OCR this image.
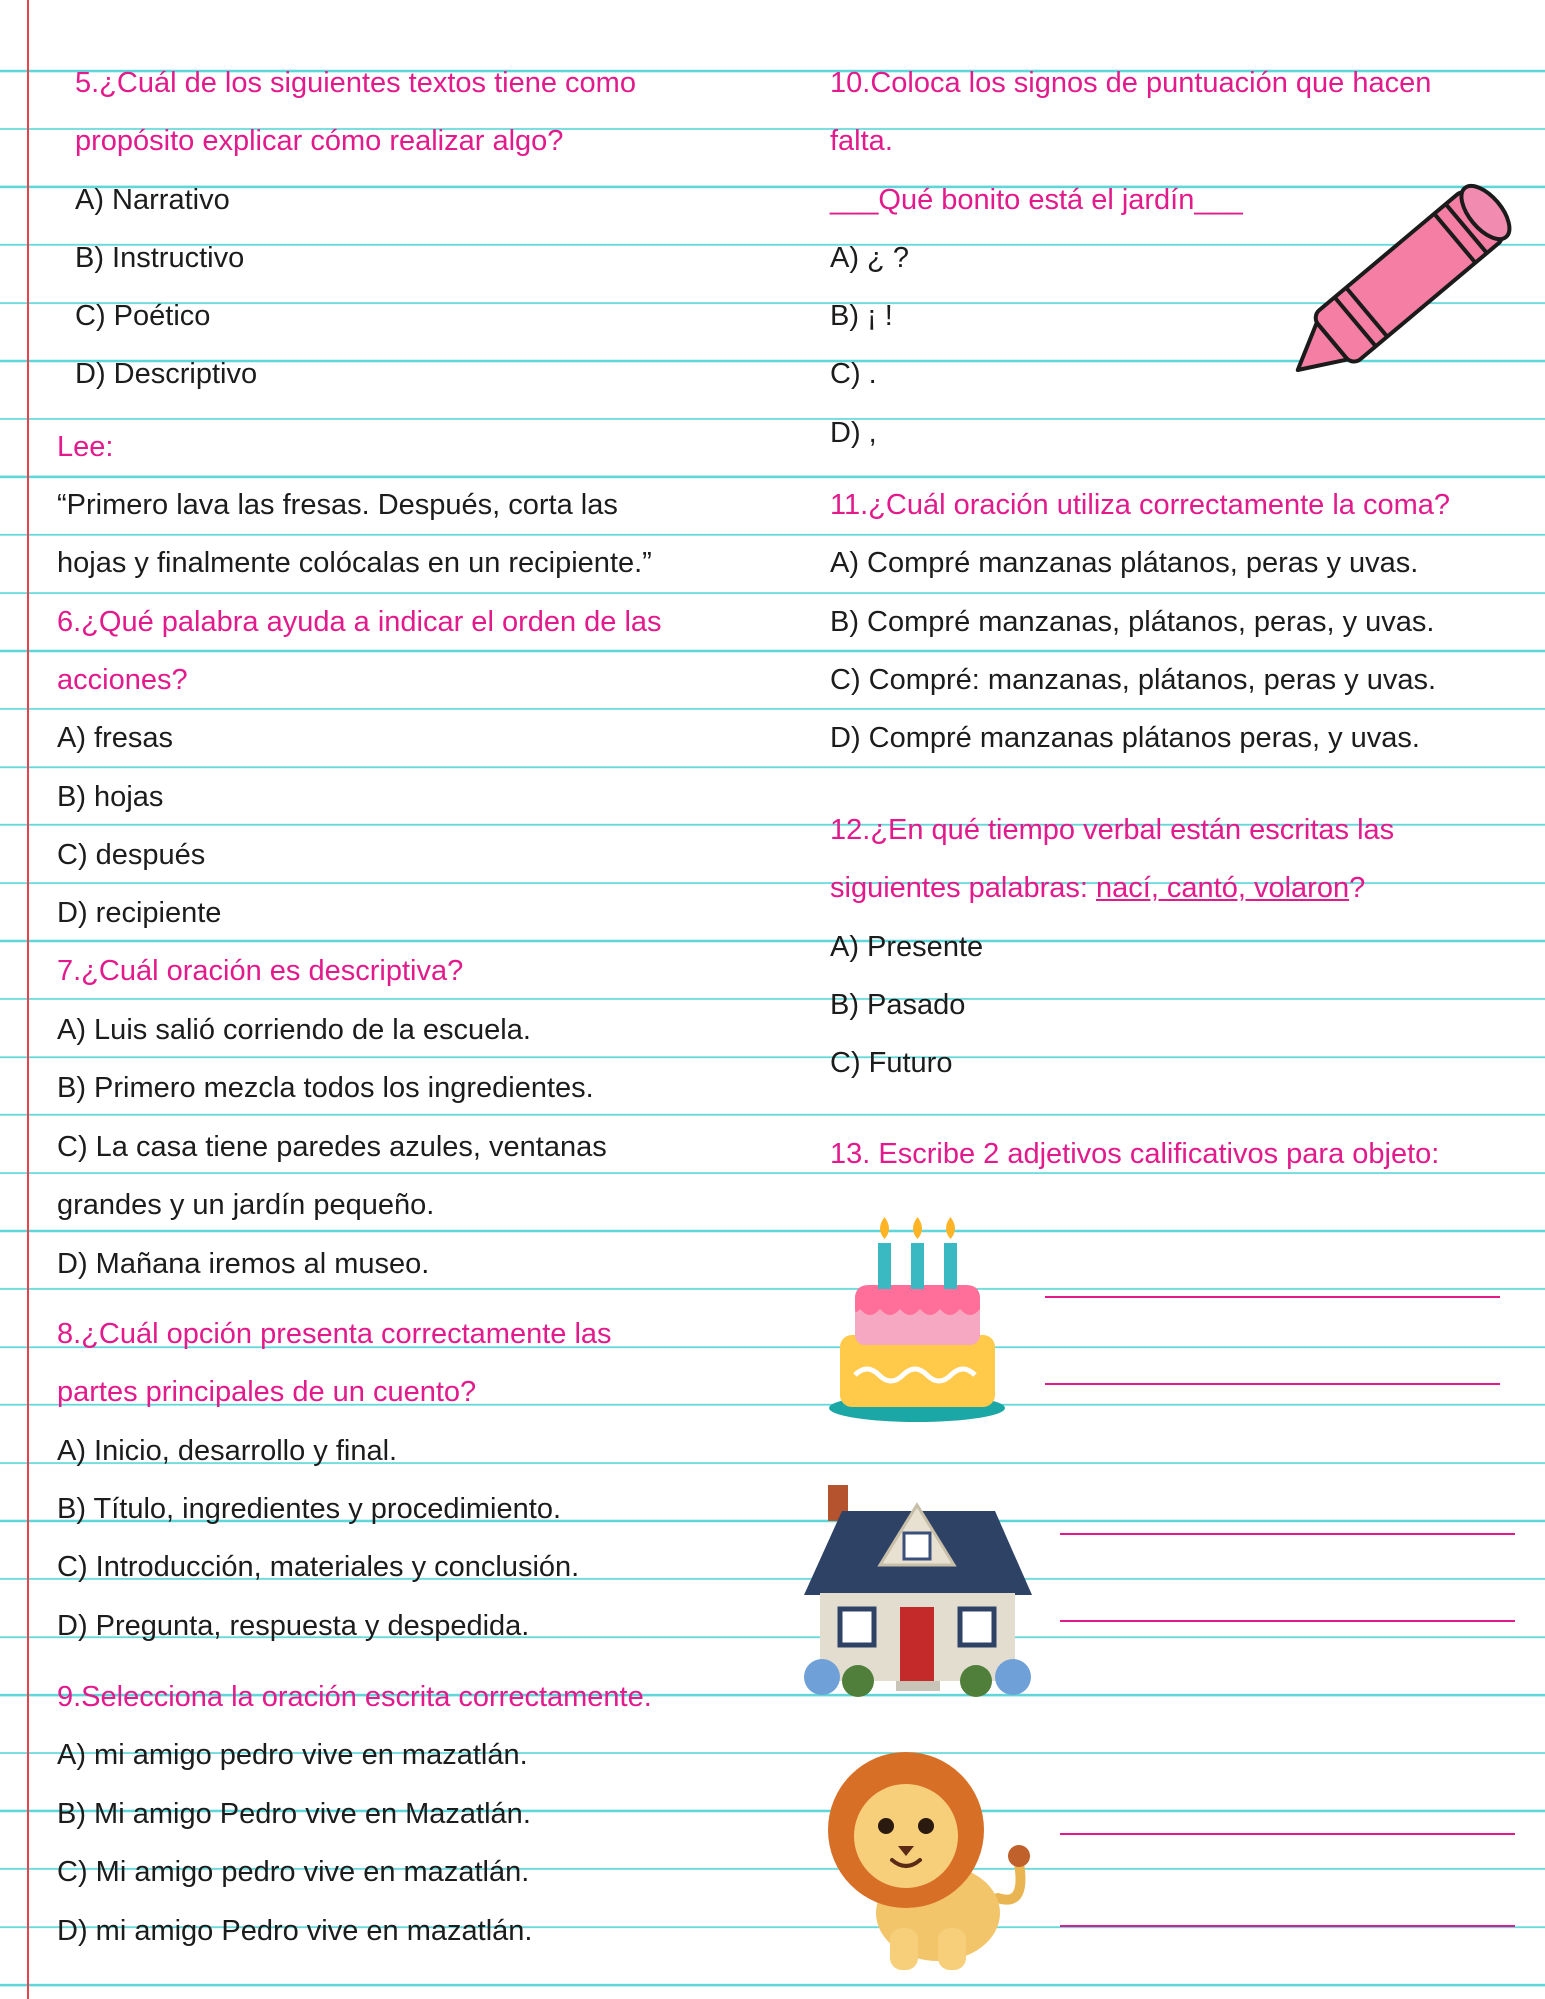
5.¿Cuál de los siguientes textos tiene como

propósito explicar cómo realizar algo?

A) Narrativo

B) Instructivo

C) Poético

D) Descriptivo

Lee:

“Primero lava las fresas. Después, corta las

hojas y finalmente colócalas en un recipiente.”

6.¿Qué palabra ayuda a indicar el orden de las

acciones?

A) fresas

B) hojas

C) después

D) recipiente

7.¿Cuál oración es descriptiva?

A) Luis salió corriendo de la escuela.

B) Primero mezcla todos los ingredientes.

C) La casa tiene paredes azules, ventanas

grandes y un jardín pequeño.

D) Mañana iremos al museo.

8.¿Cuál opción presenta correctamente las

partes principales de un cuento?

A) Inicio, desarrollo y final.

B) Título, ingredientes y procedimiento.

C) Introducción, materiales y conclusión.

D) Pregunta, respuesta y despedida.

9.Selecciona la oración escrita correctamente.

A) mi amigo pedro vive en mazatlán.

B) Mi amigo Pedro vive en Mazatlán.

C) Mi amigo pedro vive en mazatlán.

D) mi amigo Pedro vive en mazatlán.

10.Coloca los signos de puntuación que hacen

falta.

___Qué bonito está el jardín___

A) ¿ ?

B) ¡ !

C) .

D) ,

11.¿Cuál oración utiliza correctamente la coma?

A) Compré manzanas plátanos, peras y uvas.

B) Compré manzanas, plátanos, peras, y uvas.

C) Compré: manzanas, plátanos, peras y uvas.

D) Compré manzanas plátanos peras, y uvas.

12.¿En qué tiempo verbal están escritas las

siguientes palabras: nací, cantó, volaron?

A) Presente

B) Pasado

C) Futuro

13. Escribe 2 adjetivos calificativos para objeto:
